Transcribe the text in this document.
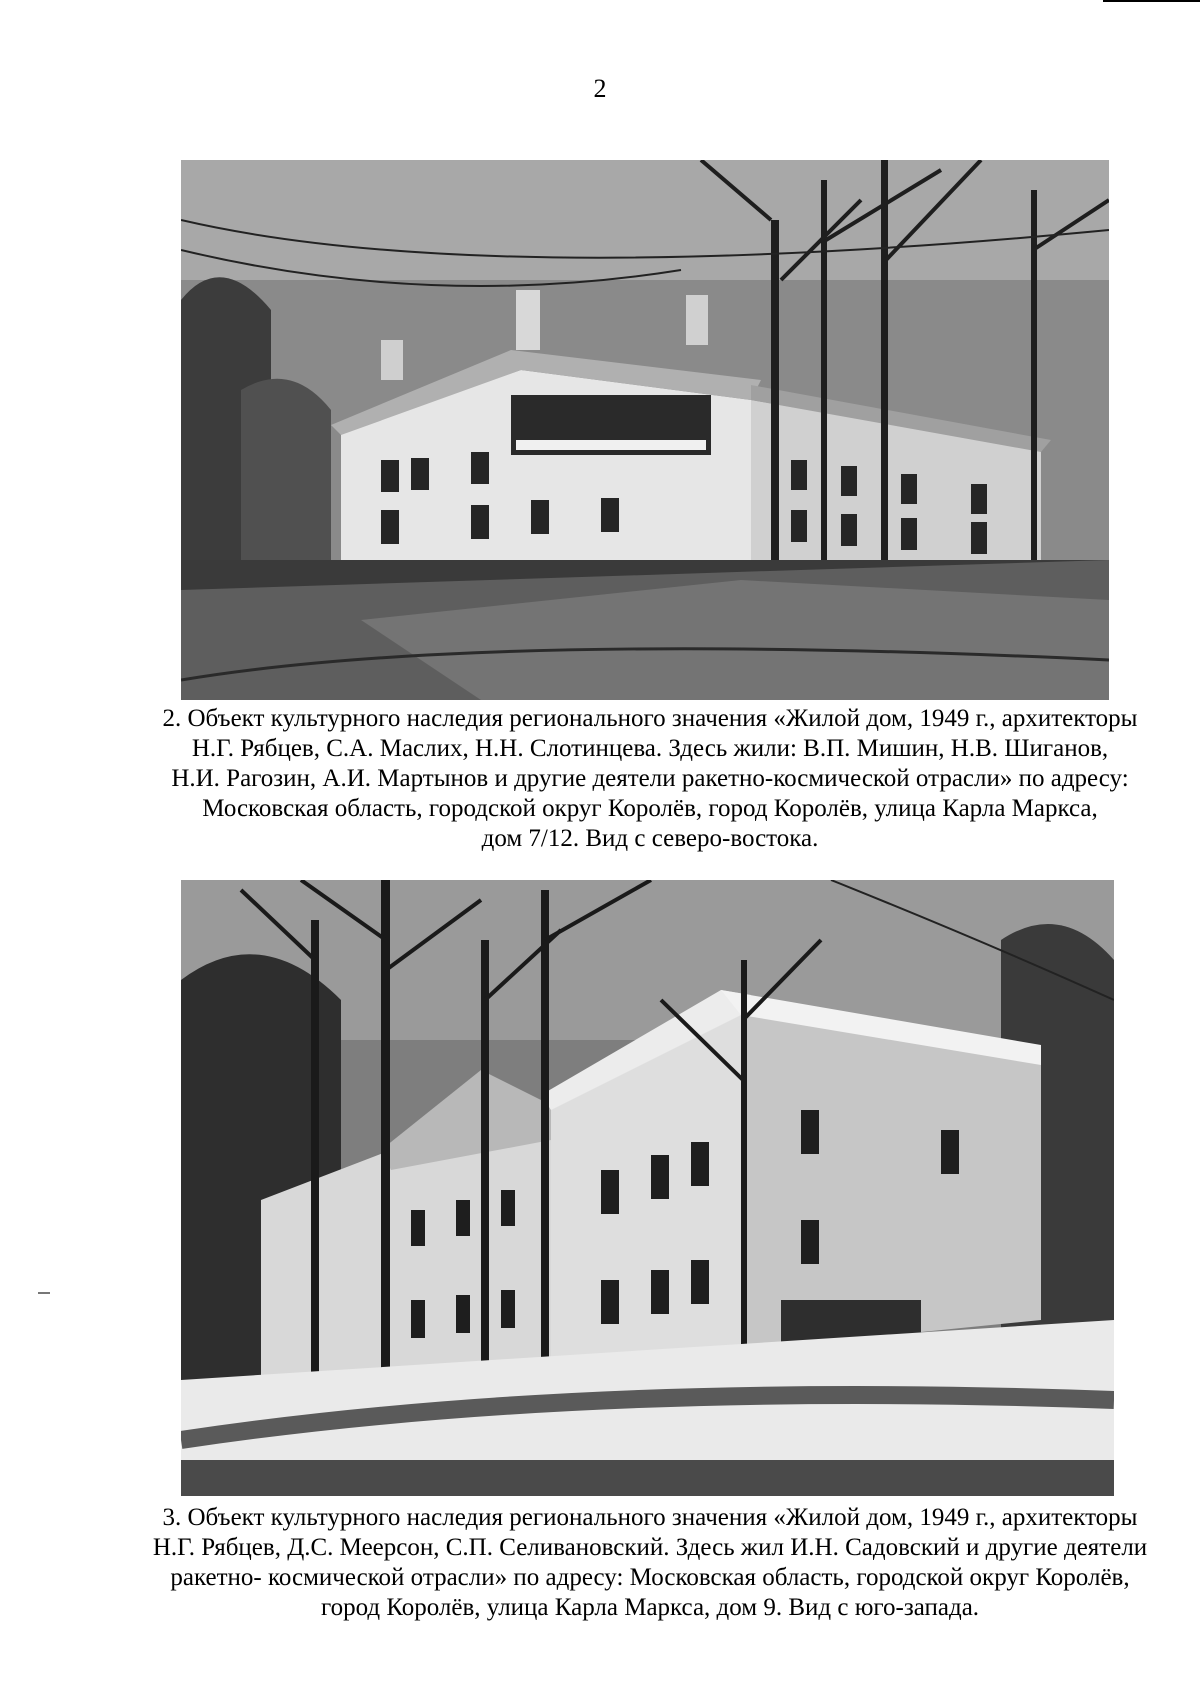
2
2. Объект культурного наследия регионального значения «Жилой дом, 1949 г., архитекторы
Н.Г. Рябцев, С.А. Маслих, Н.Н. Слотинцева. Здесь жили: В.П. Мишин, Н.В. Шиганов,
Н.И. Рагозин, А.И. Мартынов и другие деятели ракетно-космической отрасли» по адресу:
Московская область, городской округ Королёв, город Королёв, улица Карла Маркса,
дом 7/12. Вид с северо-востока.
3. Объект культурного наследия регионального значения «Жилой дом, 1949 г., архитекторы
Н.Г. Рябцев, Д.С. Меерсон, С.П. Селивановский. Здесь жил И.Н. Садовский и другие деятели
ракетно- космической отрасли» по адресу: Московская область, городской округ Королёв,
город Королёв, улица Карла Маркса, дом 9. Вид с юго-запада.
